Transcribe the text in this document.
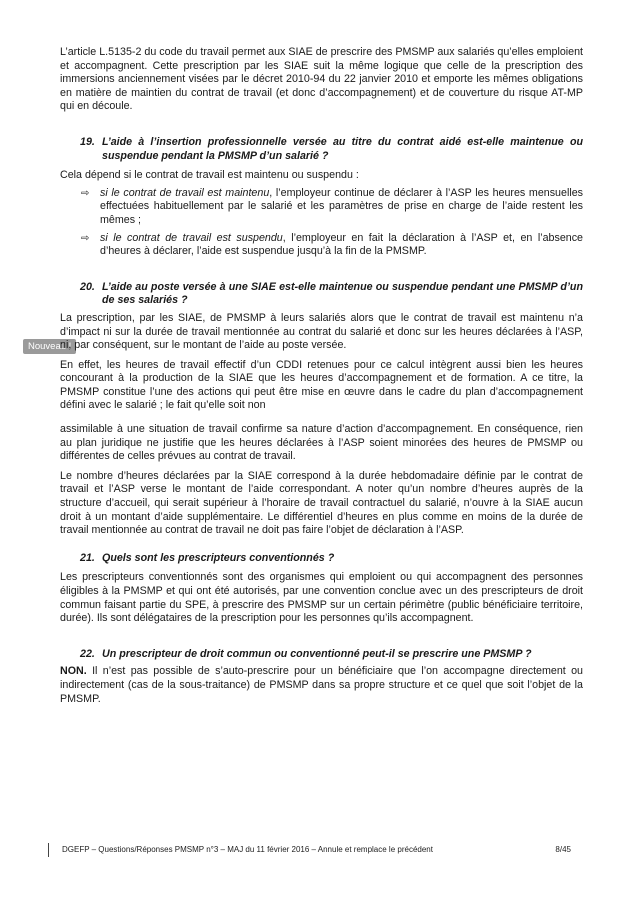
Nouveau !

L’article L.5135-2 du code du travail permet aux SIAE de prescrire des PMSMP aux salariés qu’elles emploient et accompagnent. Cette prescription par les SIAE suit la même logique que celle de la prescription des immersions anciennement visées par le décret 2010-94 du 22 janvier 2010 et emporte les mêmes obligations en matière de maintien du contrat de travail (et donc d’accompagnement) et de couverture du risque AT-MP qui en découle.

19. L’aide à l’insertion professionnelle versée au titre du contrat aidé est-elle maintenue ou suspendue pendant la PMSMP d’un salarié ?

Cela dépend si le contrat de travail est maintenu ou suspendu :

⇨ si le contrat de travail est maintenu, l’employeur continue de déclarer à l’ASP les heures mensuelles effectuées habituellement par le salarié et les paramètres de prise en charge de l’aide restent les mêmes ;
⇨ si le contrat de travail est suspendu, l’employeur en fait la déclaration à l’ASP et, en l’absence d’heures à déclarer, l’aide est suspendue jusqu’à la fin de la PMSMP.
20. L’aide au poste versée à une SIAE est-elle maintenue ou suspendue pendant une PMSMP d’un de ses salariés ?

La prescription, par les SIAE, de PMSMP à leurs salariés alors que le contrat de travail est maintenu n’a d’impact ni sur la durée de travail mentionnée au contrat du salarié et donc sur les heures déclarées à l’ASP, ni, par conséquent, sur le montant de l’aide au poste versée.

En effet, les heures de travail effectif d’un CDDI retenues pour ce calcul intègrent aussi bien les heures concourant à la production de la SIAE que les heures d’accompagnement et de formation. A ce titre, la PMSMP constitue l’une des actions qui peut être mise en œuvre dans le cadre du plan d’accompagnement défini avec le salarié ; le fait qu’elle soit non

assimilable à une situation de travail confirme sa nature d’action d’accompagnement. En conséquence, rien au plan juridique ne justifie que les heures déclarées à l’ASP soient minorées des heures de PMSMP ou différentes de celles prévues au contrat de travail.

Le nombre d’heures déclarées par la SIAE correspond à la durée hebdomadaire définie par le contrat de travail et l’ASP verse le montant de l’aide correspondant. A noter qu’un nombre d’heures auprès de la structure d’accueil, qui serait supérieur à l’horaire de travail contractuel du salarié, n’ouvre à la SIAE aucun droit à un montant d’aide supplémentaire. Le différentiel d’heures en plus comme en moins de la durée de travail mentionnée au contrat de travail ne doit pas faire l’objet de déclaration à l’ASP.

21. Quels sont les prescripteurs conventionnés ?

Les prescripteurs conventionnés sont des organismes qui emploient ou qui accompagnent des personnes éligibles à la PMSMP et qui ont été autorisés, par une convention conclue avec un des prescripteurs de droit commun faisant partie du SPE, à prescrire des PMSMP sur un certain périmètre (public bénéficiaire territoire, durée). Ils sont délégataires de la prescription pour les personnes qu’ils accompagnent.

22. Un prescripteur de droit commun ou conventionné peut-il se prescrire une PMSMP ?

NON. Il n’est pas possible de s’auto-prescrire pour un bénéficiaire que l’on accompagne directement ou indirectement (cas de la sous-traitance) de PMSMP dans sa propre structure et ce quel que soit l’objet de la PMSMP.

DGEFP – Questions/Réponses PMSMP n°3 – MAJ du 11 février 2016 – Annule et remplace le précédent	8/45
